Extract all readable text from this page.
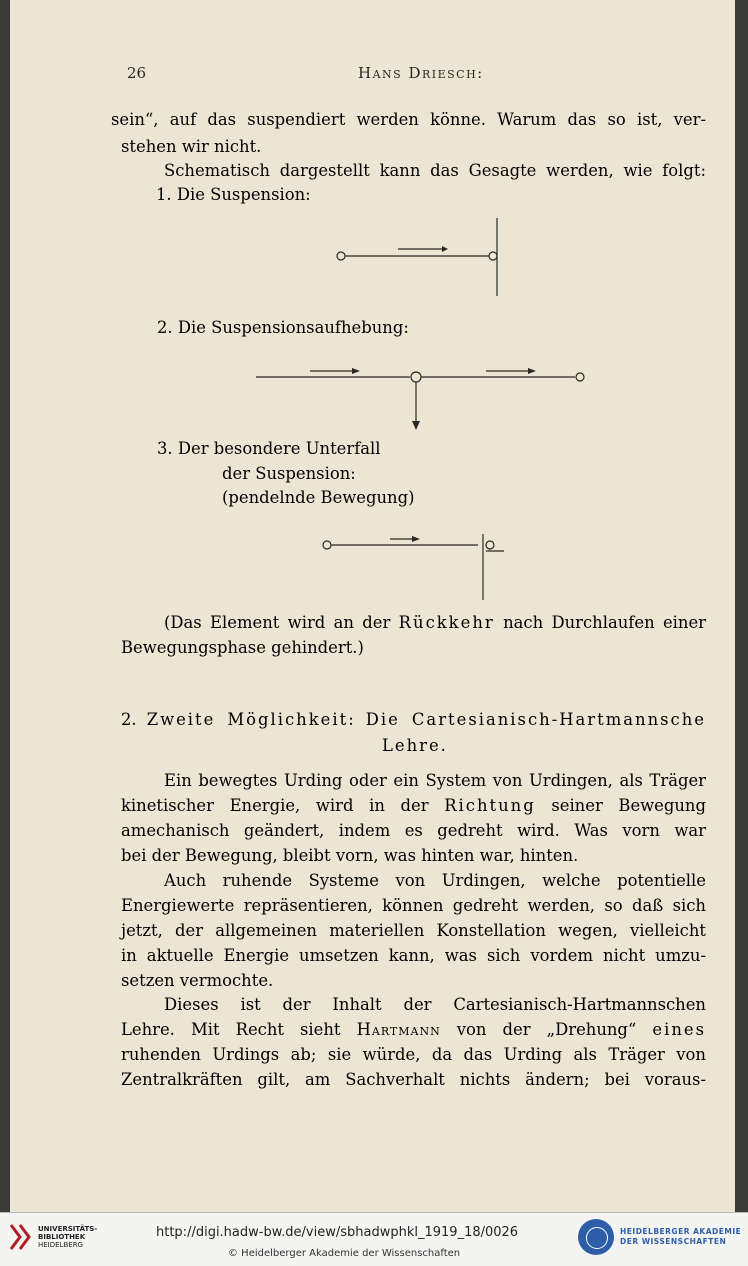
26	Hans Driesch:
sein“, auf das suspendiert werden könne. Warum das so ist, ver-
stehen wir nicht.
Schematisch dargestellt kann das Gesagte werden, wie folgt:
1. Die Suspension:
2. Die Suspensionsaufhebung:
3. Der besondere Unterfall
der Suspension:
(pendelnde Bewegung)
(Das Element wird an der Rückkehr nach Durchlaufen einer
Bewegungsphase gehindert.)
2. Zweite Möglichkeit: Die Cartesianisch-Hartmannsche
Lehre.
Ein bewegtes Urding oder ein System von Urdingen, als Träger
kinetischer Energie, wird in der Richtung seiner Bewegung
amechanisch geändert, indem es gedreht wird. Was vorn war
bei der Bewegung, bleibt vorn, was hinten war, hinten.
Auch ruhende Systeme von Urdingen, welche potentielle
Energiewerte repräsentieren, können gedreht werden, so daß sich
jetzt, der allgemeinen materiellen Konstellation wegen, vielleicht
in aktuelle Energie umsetzen kann, was sich vordem nicht umzu-
setzen vermochte.
Dieses ist der Inhalt der Cartesianisch-Hartmannschen
Lehre. Mit Recht sieht Hartmann von der „Drehung“ eines
ruhenden Urdings ab; sie würde, da das Urding als Träger von
Zentralkräften gilt, am Sachverhalt nichts ändern; bei voraus-
UNIVERSITÄTS-
BIBLIOTHEK
HEIDELBERG
http://digi.hadw-bw.de/view/sbhadwphkl_1919_18/0026
© Heidelberger Akademie der Wissenschaften
HEIDELBERGER AKADEMIE
DER WISSENSCHAFTEN
